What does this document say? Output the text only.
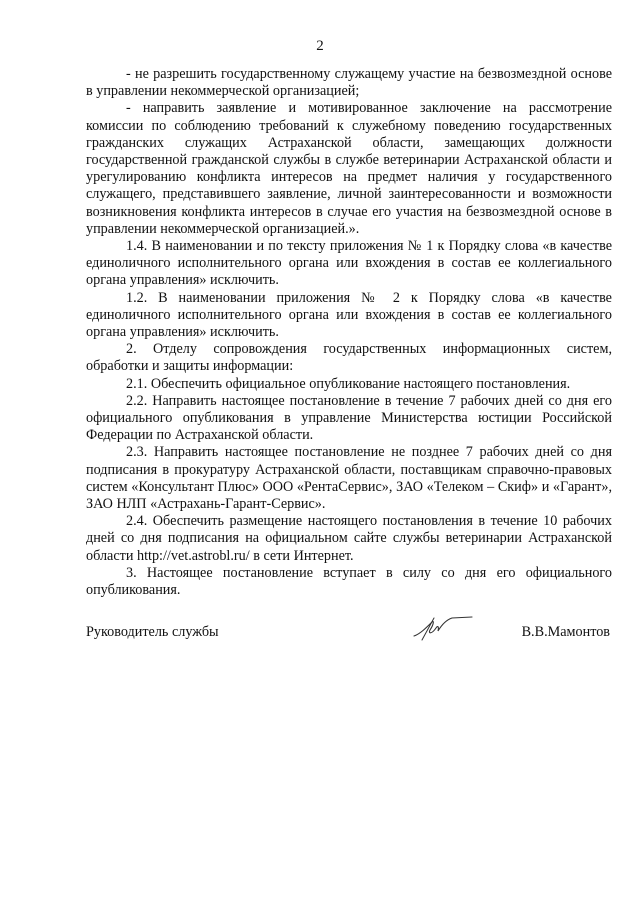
2

- не разрешить государственному служащему участие на безвозмездной основе в управлении некоммерческой организацией;

- направить заявление и мотивированное заключение на рассмотрение комиссии по соблюдению требований к служебному поведению государственных гражданских служащих Астраханской области, замещающих должности государственной гражданской службы в службе ветеринарии Астраханской области и урегулированию конфликта интересов на предмет наличия у государственного служащего, представившего заявление, личной заинтересованности и возможности возникновения конфликта интересов в случае его участия на безвозмездной основе в управлении некоммерческой организацией.».

1.4. В наименовании и по тексту приложения № 1 к Порядку слова «в качестве единоличного исполнительного органа или вхождения в состав ее коллегиального органа управления» исключить.

1.2. В наименовании приложения № 2 к Порядку слова «в качестве единоличного исполнительного органа или вхождения в состав ее коллегиального органа управления» исключить.

2. Отделу сопровождения государственных информационных систем, обработки и защиты информации:

2.1. Обеспечить официальное опубликование настоящего постановления.

2.2. Направить настоящее постановление в течение 7 рабочих дней со дня его официального опубликования в управление Министерства юстиции Российской Федерации по Астраханской области.

2.3. Направить настоящее постановление не позднее 7 рабочих дней со дня подписания в прокуратуру Астраханской области, поставщикам справочно-правовых систем «Консультант Плюс» ООО «РентаСервис», ЗАО «Телеком – Скиф» и «Гарант», ЗАО НЛП «Астрахань-Гарант-Сервис».

2.4. Обеспечить размещение настоящего постановления в течение 10 рабочих дней со дня подписания на официальном сайте службы ветеринарии Астраханской области http://vet.astrobl.ru/ в сети Интернет.

3. Настоящее постановление вступает в силу со дня его официального опубликования.

Руководитель службы	В.В.Мамонтов
